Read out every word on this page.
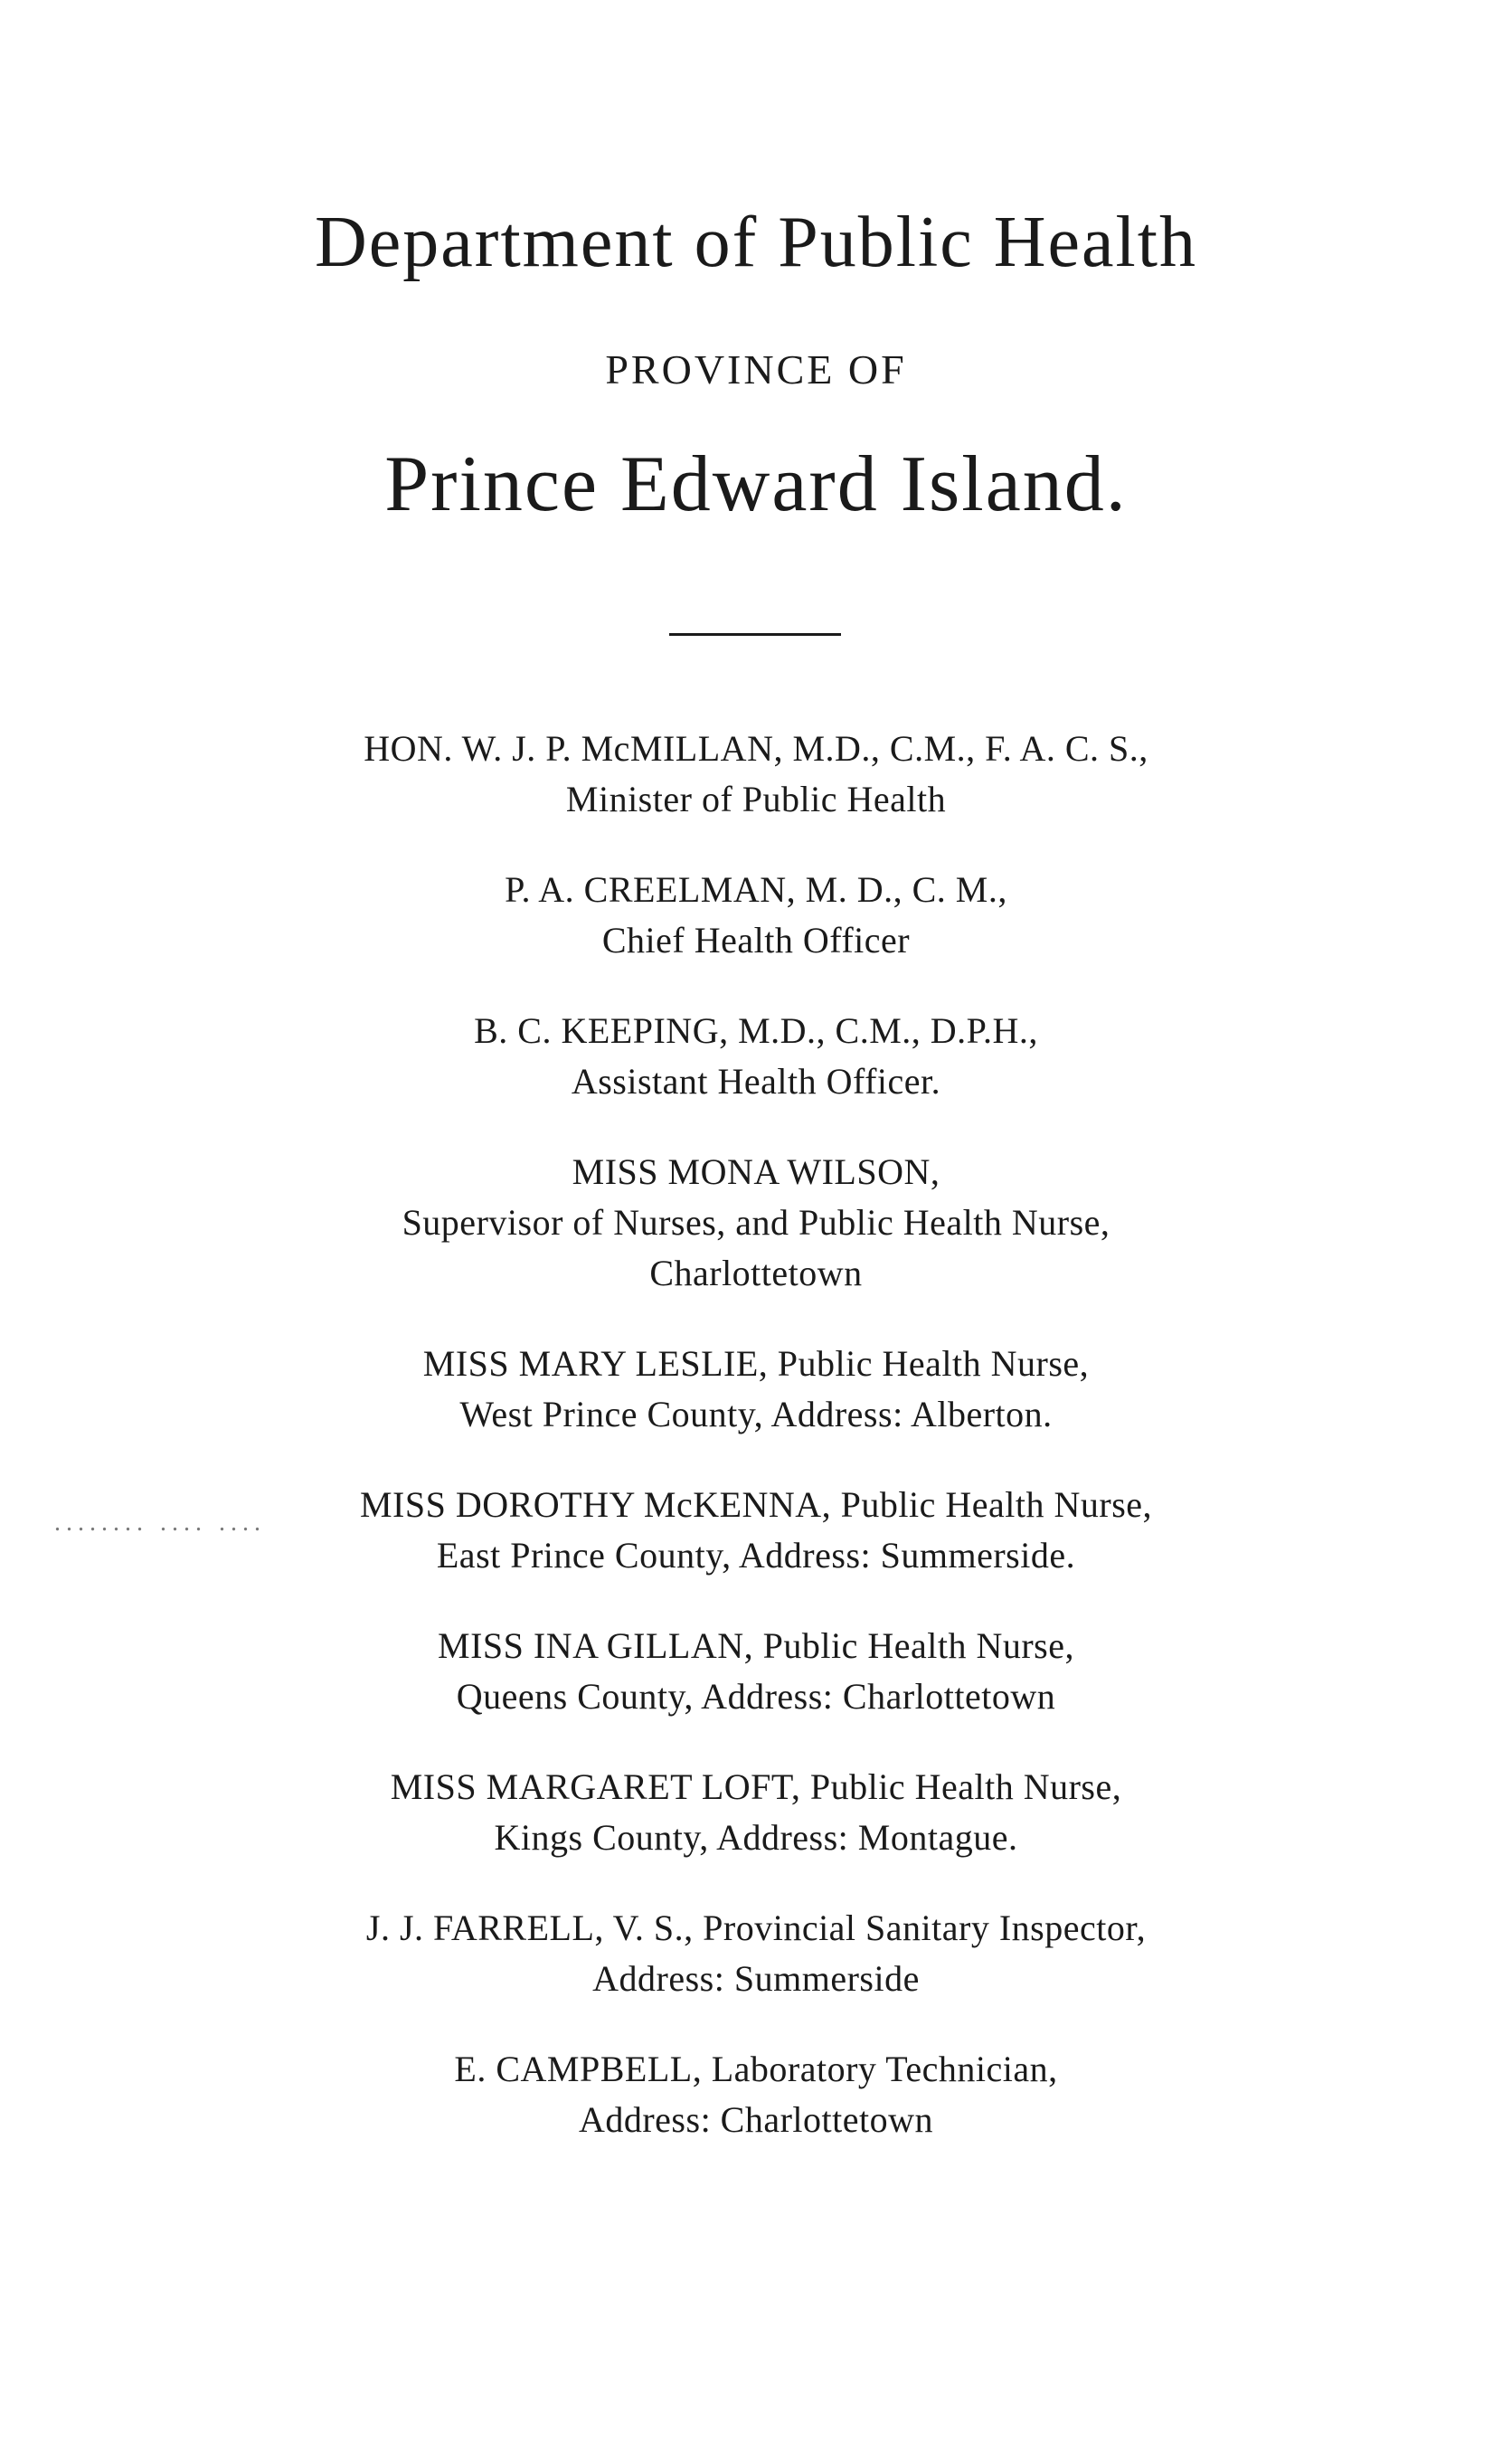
Department of Public Health
PROVINCE OF
Prince Edward Island.
........ .... ....
HON. W. J. P. McMILLAN, M.D., C.M., F. A. C. S.,
Minister of Public Health
P. A. CREELMAN, M. D., C. M.,
Chief Health Officer
B. C. KEEPING, M.D., C.M., D.P.H.,
Assistant Health Officer.
MISS MONA WILSON,
Supervisor of Nurses, and Public Health Nurse,
Charlottetown
MISS MARY LESLIE, Public Health Nurse,
West Prince County, Address: Alberton.
MISS DOROTHY McKENNA, Public Health Nurse,
East Prince County, Address: Summerside.
MISS INA GILLAN, Public Health Nurse,
Queens County, Address: Charlottetown
MISS MARGARET LOFT, Public Health Nurse,
Kings County, Address: Montague.
J. J. FARRELL, V. S., Provincial Sanitary Inspector,
Address: Summerside
E. CAMPBELL, Laboratory Technician,
Address: Charlottetown
